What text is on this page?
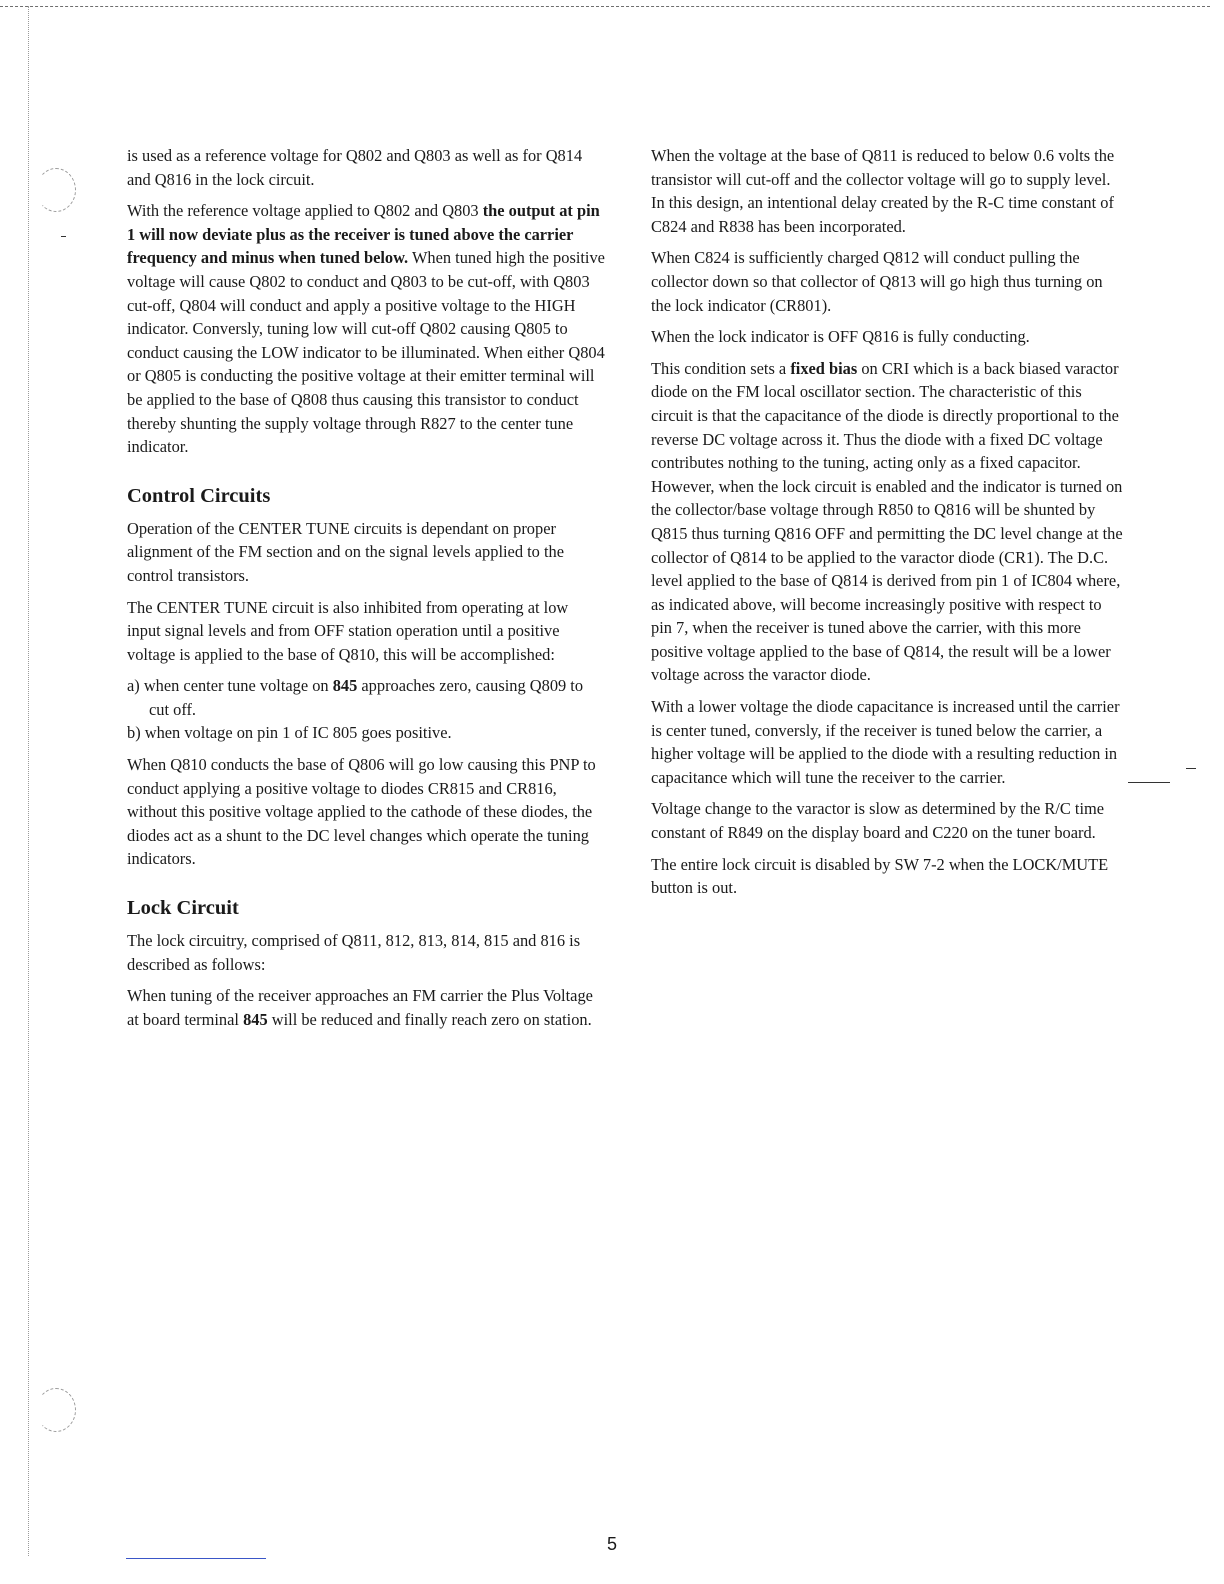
is used as a reference voltage for Q802 and Q803 as well as for Q814 and Q816 in the lock circuit.

With the reference voltage applied to Q802 and Q803 the output at pin 1 will now deviate plus as the receiver is tuned above the carrier frequency and minus when tuned below. When tuned high the positive voltage will cause Q802 to conduct and Q803 to be cut-off, with Q803 cut-off, Q804 will conduct and apply a positive voltage to the HIGH indicator. Conversly, tuning low will cut-off Q802 causing Q805 to conduct causing the LOW indicator to be illuminated. When either Q804 or Q805 is conducting the positive voltage at their emitter terminal will be applied to the base of Q808 thus causing this transistor to conduct thereby shunting the supply voltage through R827 to the center tune indicator.

Control Circuits

Operation of the CENTER TUNE circuits is dependant on proper alignment of the FM section and on the signal levels applied to the control transistors.

The CENTER TUNE circuit is also inhibited from operating at low input signal levels and from OFF station operation until a positive voltage is applied to the base of Q810, this will be accomplished:

a) when center tune voltage on 845 approaches zero, causing Q809 to cut off.
b) when voltage on pin 1 of IC 805 goes positive.

When Q810 conducts the base of Q806 will go low causing this PNP to conduct applying a positive voltage to diodes CR815 and CR816, without this positive voltage applied to the cathode of these diodes, the diodes act as a shunt to the DC level changes which operate the tuning indicators.

Lock Circuit

The lock circuitry, comprised of Q811, 812, 813, 814, 815 and 816 is described as follows:

When tuning of the receiver approaches an FM carrier the Plus Voltage at board terminal 845 will be reduced and finally reach zero on station.

When the voltage at the base of Q811 is reduced to below 0.6 volts the transistor will cut-off and the collector voltage will go to supply level. In this design, an intentional delay created by the R-C time constant of C824 and R838 has been incorporated.

When C824 is sufficiently charged Q812 will conduct pulling the collector down so that collector of Q813 will go high thus turning on the lock indicator (CR801).

When the lock indicator is OFF Q816 is fully conducting.

This condition sets a fixed bias on CRI which is a back biased varactor diode on the FM local oscillator section. The characteristic of this circuit is that the capacitance of the diode is directly proportional to the reverse DC voltage across it. Thus the diode with a fixed DC voltage contributes nothing to the tuning, acting only as a fixed capacitor. However, when the lock circuit is enabled and the indicator is turned on the collector/base voltage through R850 to Q816 will be shunted by Q815 thus turning Q816 OFF and permitting the DC level change at the collector of Q814 to be applied to the varactor diode (CR1). The D.C. level applied to the base of Q814 is derived from pin 1 of IC804 where, as indicated above, will become increasingly positive with respect to pin 7, when the receiver is tuned above the carrier, with this more positive voltage applied to the base of Q814, the result will be a lower voltage across the varactor diode.

With a lower voltage the diode capacitance is increased until the carrier is center tuned, conversly, if the receiver is tuned below the carrier, a higher voltage will be applied to the diode with a resulting reduction in capacitance which will tune the receiver to the carrier.

Voltage change to the varactor is slow as determined by the R/C time constant of R849 on the display board and C220 on the tuner board.

The entire lock circuit is disabled by SW 7-2 when the LOCK/MUTE button is out.

5
